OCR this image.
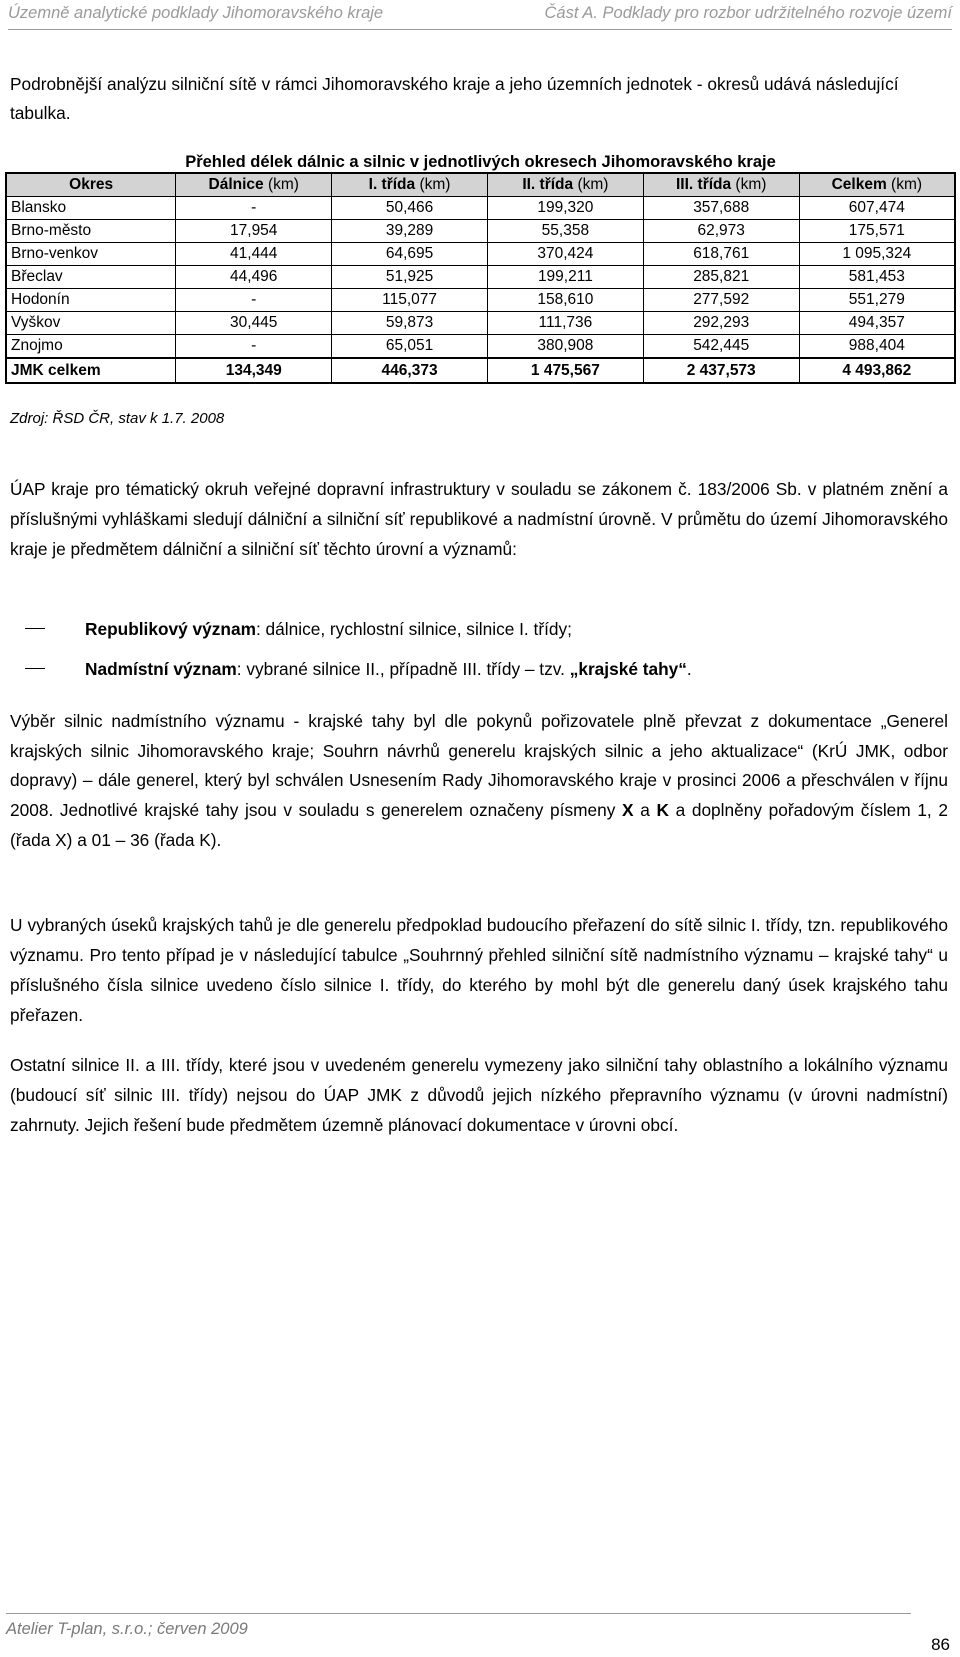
Územně analytické podklady Jihomoravského kraje	Část A. Podklady pro rozbor udržitelného rozvoje území
Podrobnější analýzu silniční sítě v rámci Jihomoravského kraje a jeho územních jednotek - okresů udává následující tabulka.
Přehled délek dálnic a silnic v jednotlivých okresech Jihomoravského kraje
Okres	Dálnice (km)	I. třída (km)	II. třída (km)	III. třída (km)	Celkem (km)
Blansko	-	50,466	199,320	357,688	607,474
Brno-město	17,954	39,289	55,358	62,973	175,571
Brno-venkov	41,444	64,695	370,424	618,761	1 095,324
Břeclav	44,496	51,925	199,211	285,821	581,453
Hodonín	-	115,077	158,610	277,592	551,279
Vyškov	30,445	59,873	111,736	292,293	494,357
Znojmo	-	65,051	380,908	542,445	988,404
JMK celkem	134,349	446,373	1 475,567	2 437,573	4 493,862
Zdroj: ŘSD ČR, stav k 1.7. 2008
ÚAP kraje pro tématický okruh veřejné dopravní infrastruktury v souladu se zákonem č. 183/2006 Sb. v platném znění a příslušnými vyhláškami sledují dálniční a silniční síť republikové a nadmístní úrovně. V průmětu do území Jihomoravského kraje je předmětem dálniční a silniční síť těchto úrovní a významů:
Republikový význam: dálnice, rychlostní silnice, silnice I. třídy;
Nadmístní význam: vybrané silnice II., případně III. třídy – tzv. „krajské tahy“.
Výběr silnic nadmístního významu - krajské tahy byl dle pokynů pořizovatele plně převzat z dokumentace „Generel krajských silnic Jihomoravského kraje; Souhrn návrhů generelu krajských silnic a jeho aktualizace“ (KrÚ JMK, odbor dopravy) – dále generel, který byl schválen Usnesením Rady Jihomoravského kraje v prosinci 2006 a přeschválen v říjnu 2008. Jednotlivé krajské tahy jsou v souladu s generelem označeny písmeny X a K a doplněny pořadovým číslem 1, 2 (řada X) a 01 – 36 (řada K).
U vybraných úseků krajských tahů je dle generelu předpoklad budoucího přeřazení do sítě silnic I. třídy, tzn. republikového významu. Pro tento případ je v následující tabulce „Souhrnný přehled silniční sítě nadmístního významu – krajské tahy“ u příslušného čísla silnice uvedeno číslo silnice I. třídy, do kterého by mohl být dle generelu daný úsek krajského tahu přeřazen.
Ostatní silnice II. a III. třídy, které jsou v uvedeném generelu vymezeny jako silniční tahy oblastního a lokálního významu (budoucí síť silnic III. třídy) nejsou do ÚAP JMK z důvodů jejich nízkého přepravního významu (v úrovni nadmístní) zahrnuty. Jejich řešení bude předmětem územně plánovací dokumentace v úrovni obcí.
Atelier T-plan, s.r.o.; červen 2009
86
